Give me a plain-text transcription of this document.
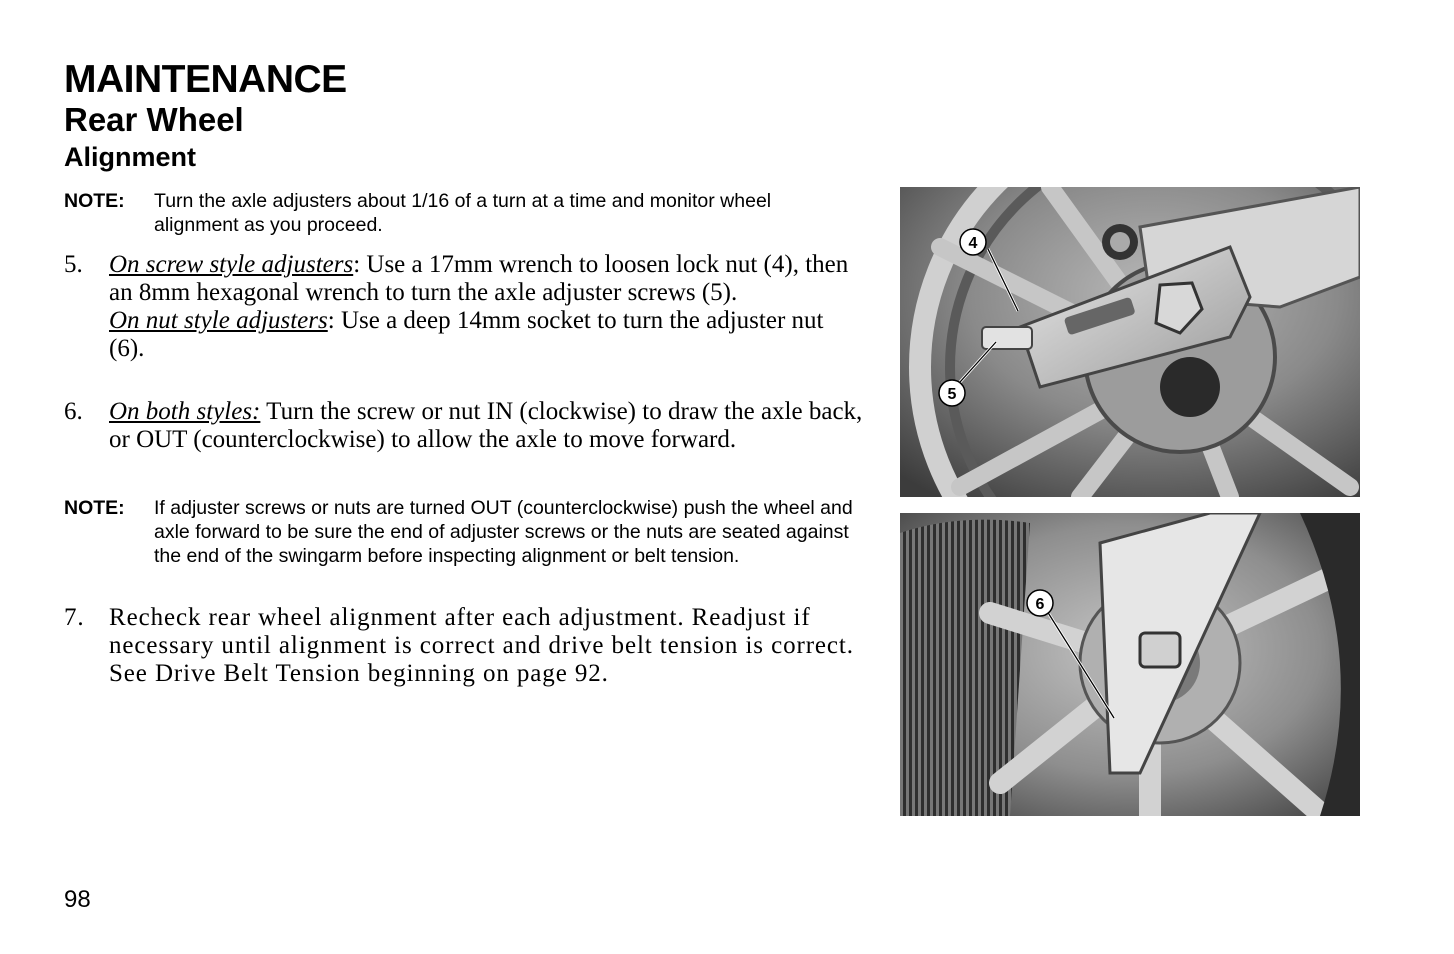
MAINTENANCE
Rear Wheel
Alignment
NOTE: Turn the axle adjusters about 1/16 of a turn at a time and monitor wheel alignment as you proceed.
5. On screw style adjusters: Use a 17mm wrench to loosen lock nut (4), then an 8mm hexagonal wrench to turn the axle adjuster screws (5).
On nut style adjusters: Use a deep 14mm socket to turn the adjuster nut (6).
6. On both styles: Turn the screw or nut IN (clockwise) to draw the axle back, or OUT (counterclockwise) to allow the axle to move forward.
NOTE: If adjuster screws or nuts are turned OUT (counterclockwise) push the wheel and axle forward to be sure the end of adjuster screws or the nuts are seated against the end of the swingarm before inspecting alignment or belt tension.
7. Recheck rear wheel alignment after each adjustment. Readjust if necessary until alignment is correct and drive belt tension is correct. See Drive Belt Tension beginning on page 92.
4
5
6
98
